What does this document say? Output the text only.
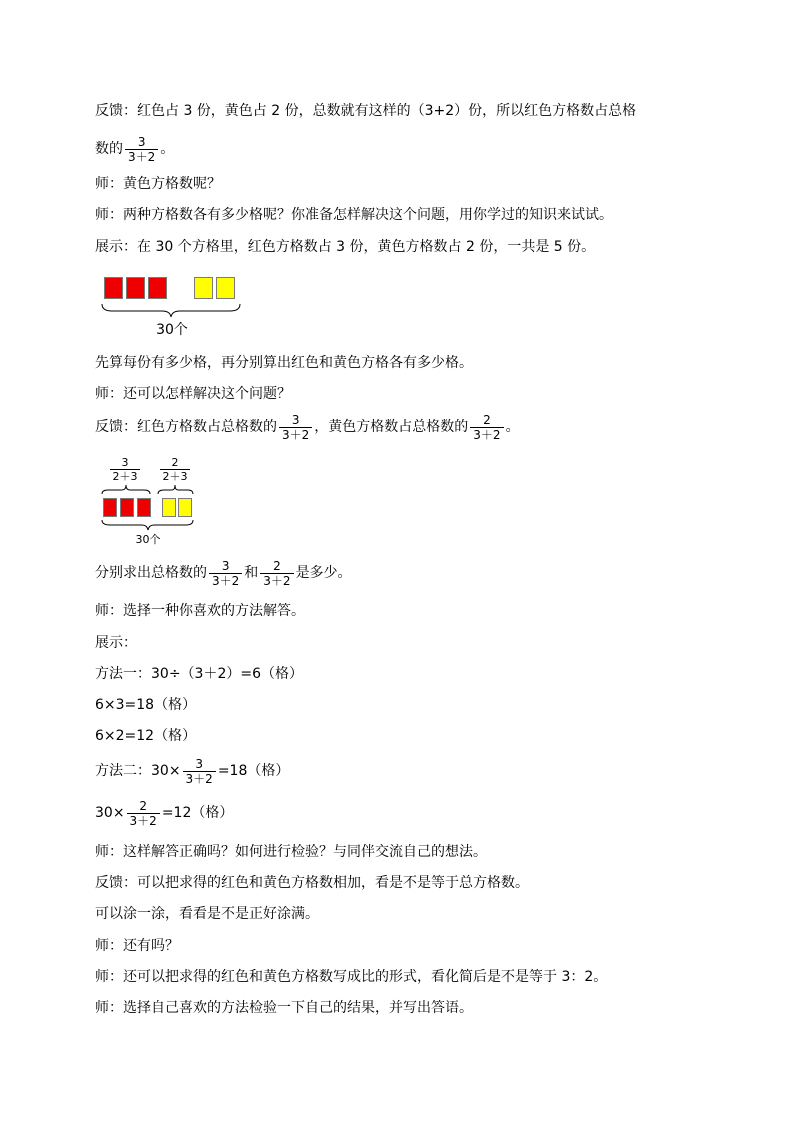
反馈：红色占 3 份，黄色占 2 份，总数就有这样的（3+2）份，所以红色方格数占总格
数的 $\frac{3}{3+2}$ 。
师：黄色方格数呢？
师：两种方格数各有多少格呢？你准备怎样解决这个问题，用你学过的知识来试试。
展示：在 30 个方格里，红色方格数占 3 份，黄色方格数占 2 份，一共是 5 份。
30个
先算每份有多少格，再分别算出红色和黄色方格各有多少格。
师：还可以怎样解决这个问题？
反馈：红色方格数占总格数的 $\frac{3}{3+2}$ ，黄色方格数占总格数的 $\frac{2}{3+2}$ 。
3
2＋3
2
2＋3
30个
分别求出总格数的 $\frac{3}{3+2}$ 和 $\frac{2}{3+2}$ 是多少。
师：选择一种你喜欢的方法解答。
展示：
方法一：30÷（3＋2）=6（格）
6×3=18（格）
6×2=12（格）
方法二：$30\times \frac{3}{3+2} =18$（格）
$30\times \frac{2}{3+2} =12$（格）
师：这样解答正确吗？如何进行检验？与同伴交流自己的想法。
反馈：可以把求得的红色和黄色方格数相加，看是不是等于总方格数。
可以涂一涂，看看是不是正好涂满。
师：还有吗？
师：还可以把求得的红色和黄色方格数写成比的形式，看化简后是不是等于 3：2。
师：选择自己喜欢的方法检验一下自己的结果，并写出答语。
